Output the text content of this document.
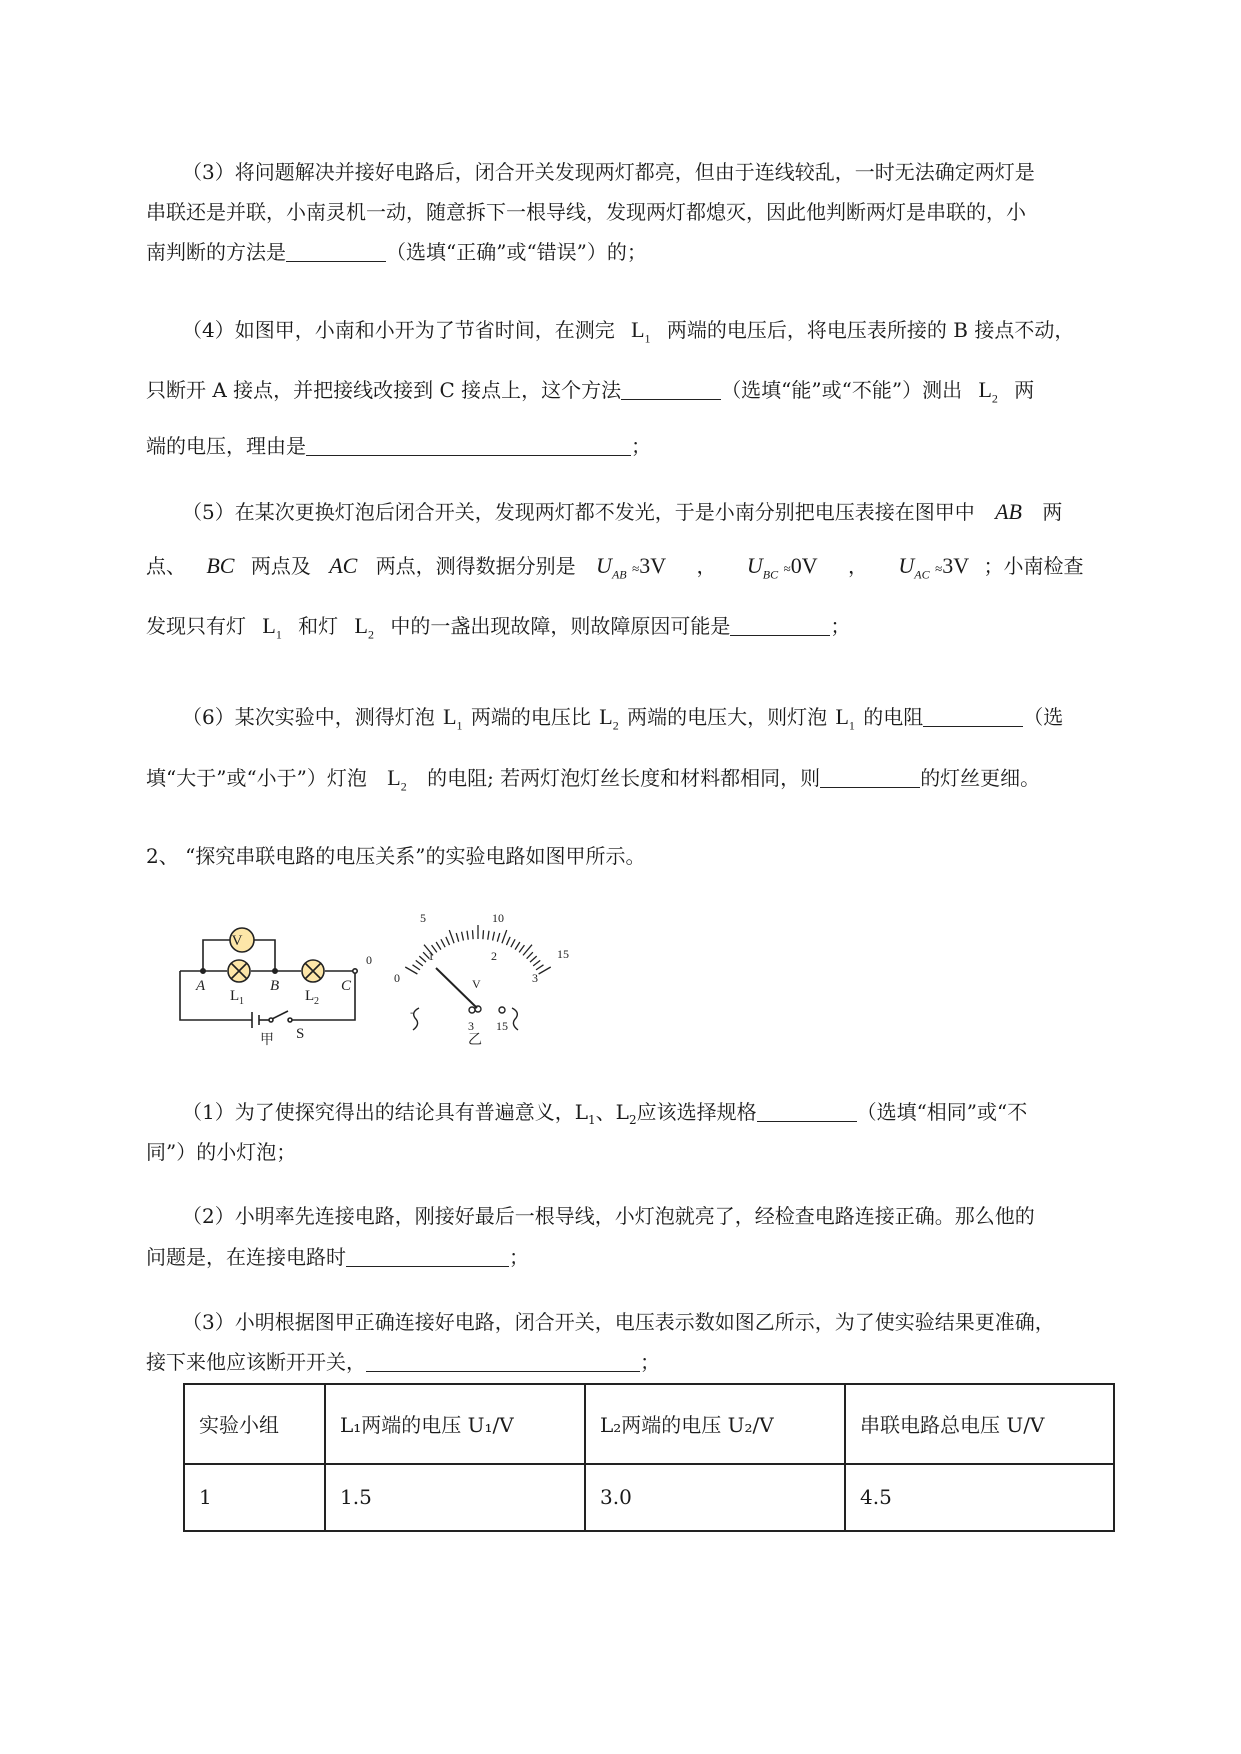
（3）将问题解决并接好电路后，闭合开关发现两灯都亮，但由于连线较乱，一时无法确定两灯是
串联还是并联，小南灵机一动，随意拆下一根导线，发现两灯都熄灭，因此他判断两灯是串联的，小
南判断的方法是	（选填“正确”或“错误”）的；
（4）如图甲，小南和小开为了节省时间，在测完 $L_1$ 两端的电压后，将电压表所接的 B 接点不动，
只断开 A 接点，并把接线改接到 C 接点上，这个方法	（选填“能”或“不能”）测出 $L_2$ 两
端的电压，理由是	；
（5）在某次更换灯泡后闭合开关，发现两灯都不发光，于是小南分别把电压表接在图甲中 AB 两
点、 BC 两点及 AC 两点，测得数据分别是 $U_{AB} \approx 3V$ ， $U_{BC} \approx 0V$ ， $U_{AC} \approx 3V$ ；小南检查
发现只有灯 $L_1$ 和灯 $L_2$ 中的一盏出现故障，则故障原因可能是	；
（6）某次实验中，测得灯泡 $L_1$ 两端的电压比 $L_2$ 两端的电压大，则灯泡 $L_1$ 的电阻	（选
填“大于”或“小于”）灯泡 $L_2$ 的电阻; 若两灯泡灯丝长度和材料都相同，则	的灯丝更细。
2、 “探究串联电路的电压关系”的实验电路如图甲所示。
V
A	B	C
L 1	L 2
S
甲
0
5	10
15
0
1	2
3
V
3 15
乙
-
（1）为了使探究得出的结论具有普遍意义，$L_1$、$L_2$应该选择规格	（选填“相同”或“不
同”）的小灯泡；
（2）小明率先连接电路，刚接好最后一根导线，小灯泡就亮了，经检查电路连接正确。那么他的
问题是，在连接电路时	；
（3）小明根据图甲正确连接好电路，闭合开关，电压表示数如图乙所示，为了使实验结果更准确，
接下来他应该断开开关，	；
实验小组	L₁两端的电压 U₁/V	L₂两端的电压 U₂/V	串联电路总电压 U/V
1	1.5	3.0	4.5
